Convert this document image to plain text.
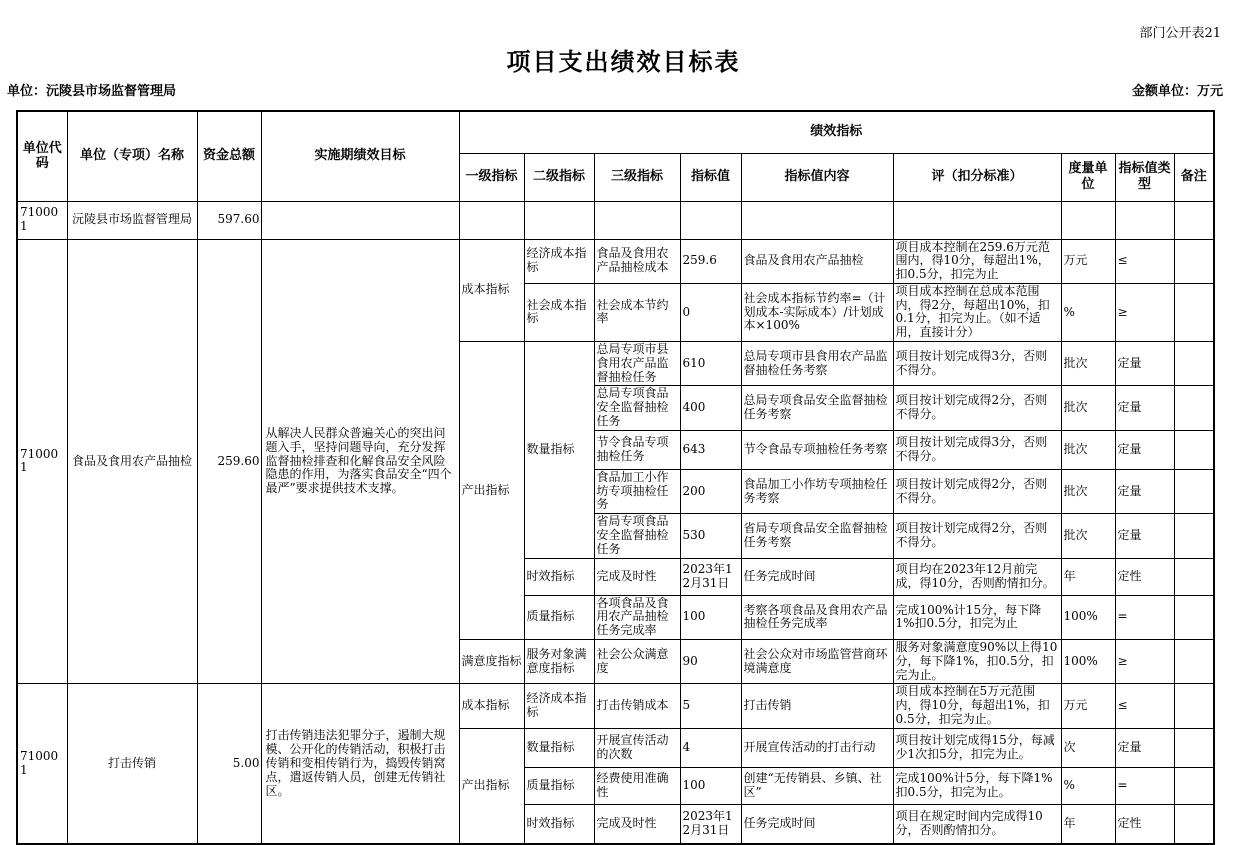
部门公开表21
项目支出绩效目标表
单位：沅陵县市场监督管理局	金额单位：万元
单位代码	单位（专项）名称	资金总额	实施期绩效目标	绩效指标								
				一级指标	二级指标	三级指标	指标值	指标值内容	评（扣分标准）	度量单位	指标值类型	备注
710001	沅陵县市场监督管理局	597.60										
710001	食品及食用农产品抽检	259.60	从解决人民群众普遍关心的突出问题入手，坚持问题导向，充分发挥监督抽检排查和化解食品安全风险隐患的作用，为落实食品安全“四个最严”要求提供技术支撑。	成本指标	经济成本指标	食品及食用农产品抽检成本	259.6	食品及食用农产品抽检	项目成本控制在259.6万元范围内，得10分，每超出1%，扣0.5分，扣完为止	万元	≤	
					社会成本指标	社会成本节约率	0	社会成本指标节约率=（计划成本-实际成本）/计划成本×100%	项目成本控制在总成本范围内，得2分，每超出10%，扣0.1分，扣完为止。（如不适用，直接计分）	%	≥	
				产出指标	数量指标	总局专项市县食用农产品监督抽检任务	610	总局专项市县食用农产品监督抽检任务考察	项目按计划完成得3分，否则不得分。	批次	定量	
						总局专项食品安全监督抽检任务	400	总局专项食品安全监督抽检任务考察	项目按计划完成得2分，否则不得分。	批次	定量	
						节令食品专项抽检任务	643	节令食品专项抽检任务考察	项目按计划完成得3分，否则不得分。	批次	定量	
						食品加工小作坊专项抽检任务	200	食品加工小作坊专项抽检任务考察	项目按计划完成得2分，否则不得分。	批次	定量	
						省局专项食品安全监督抽检任务	530	省局专项食品安全监督抽检任务考察	项目按计划完成得2分，否则不得分。	批次	定量	
					时效指标	完成及时性	2023年12月31日	任务完成时间	项目均在2023年12月前完成，得10分，否则酌情扣分。	年	定性	
					质量指标	各项食品及食用农产品抽检任务完成率	100	考察各项食品及食用农产品抽检任务完成率	完成100%计15分，每下降1%扣0.5分，扣完为止	100%	=	
				满意度指标	服务对象满意度指标	社会公众满意度	90	社会公众对市场监管营商环境满意度	服务对象满意度90%以上得10分，每下降1%，扣0.5分，扣完为止。	100%	≥	
710001	打击传销	5.00	打击传销违法犯罪分子，遏制大规模、公开化的传销活动，积极打击传销和变相传销行为，捣毁传销窝点，遣返传销人员，创建无传销社区。	成本指标	经济成本指标	打击传销成本	5	打击传销	项目成本控制在5万元范围内，得10分，每超出1%，扣0.5分，扣完为止。	万元	≤	
				产出指标	数量指标	开展宣传活动的次数	4	开展宣传活动的打击行动	项目按计划完成得15分，每减少1次扣5分，扣完为止。	次	定量	
					质量指标	经费使用准确性	100	创建“无传销县、乡镇、社区”	完成100%计5分，每下降1%扣0.5分，扣完为止。	%	=	
					时效指标	完成及时性	2023年12月31日	任务完成时间	项目在规定时间内完成得10分，否则酌情扣分。	年	定性	
